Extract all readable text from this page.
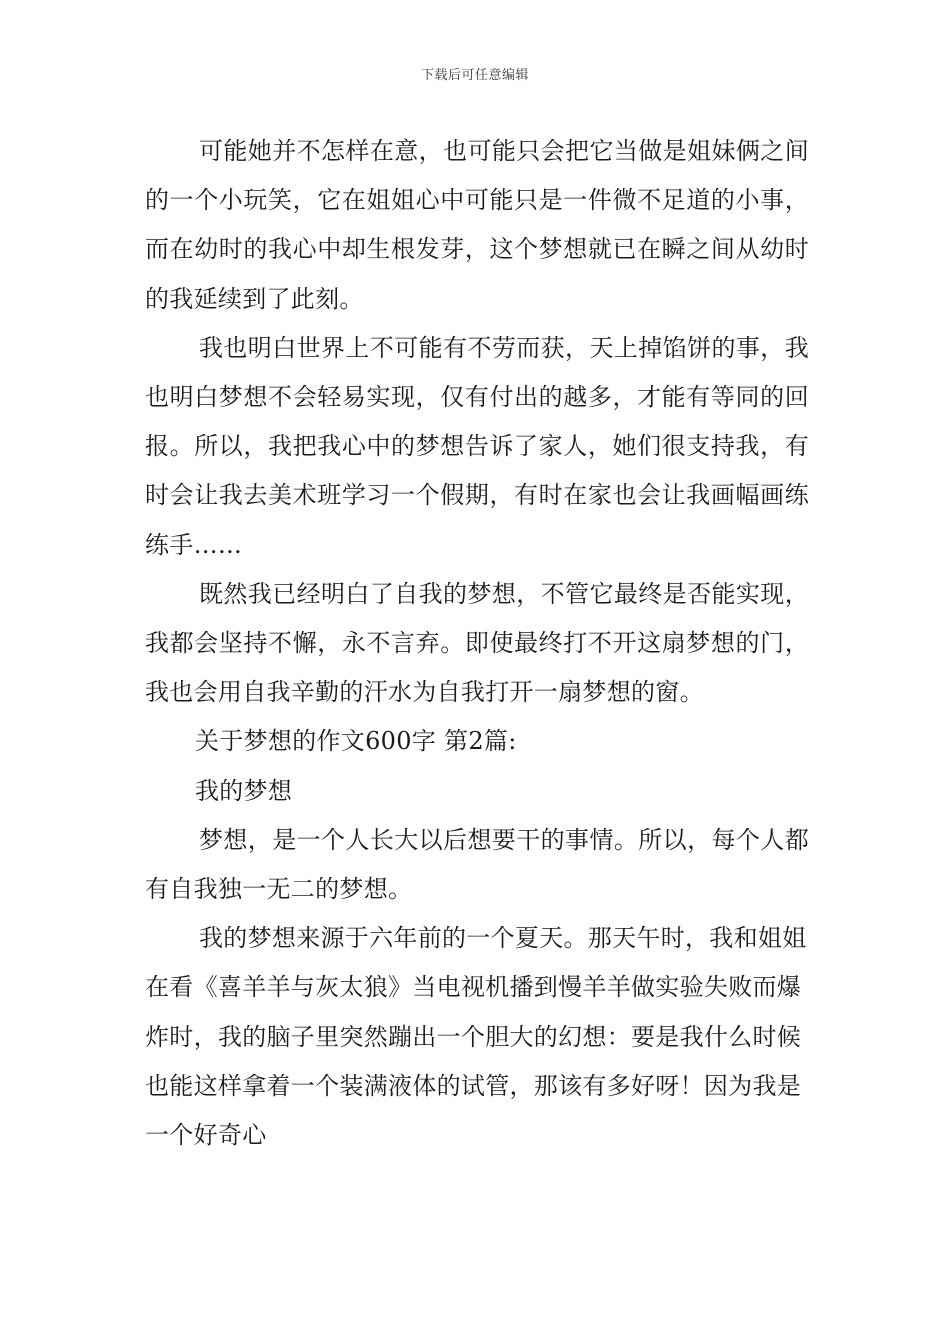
下载后可任意编辑

可能她并不怎样在意，也可能只会把它当做是姐妹俩之间的一个小玩笑，它在姐姐心中可能只是一件微不足道的小事，而在幼时的我心中却生根发芽，这个梦想就已在瞬之间从幼时的我延续到了此刻。

我也明白世界上不可能有不劳而获，天上掉馅饼的事，我也明白梦想不会轻易实现，仅有付出的越多，才能有等同的回报。所以，我把我心中的梦想告诉了家人，她们很支持我，有时会让我去美术班学习一个假期，有时在家也会让我画幅画练练手……

既然我已经明白了自我的梦想，不管它最终是否能实现，我都会坚持不懈，永不言弃。即使最终打不开这扇梦想的门，我也会用自我辛勤的汗水为自我打开一扇梦想的窗。

关于梦想的作文600字 第2篇:

我的梦想

梦想，是一个人长大以后想要干的事情。所以，每个人都有自我独一无二的梦想。

我的梦想来源于六年前的一个夏天。那天午时，我和姐姐在看《喜羊羊与灰太狼》当电视机播到慢羊羊做实验失败而爆炸时，我的脑子里突然蹦出一个胆大的幻想：要是我什么时候也能这样拿着一个装满液体的试管，那该有多好呀！因为我是一个好奇心
